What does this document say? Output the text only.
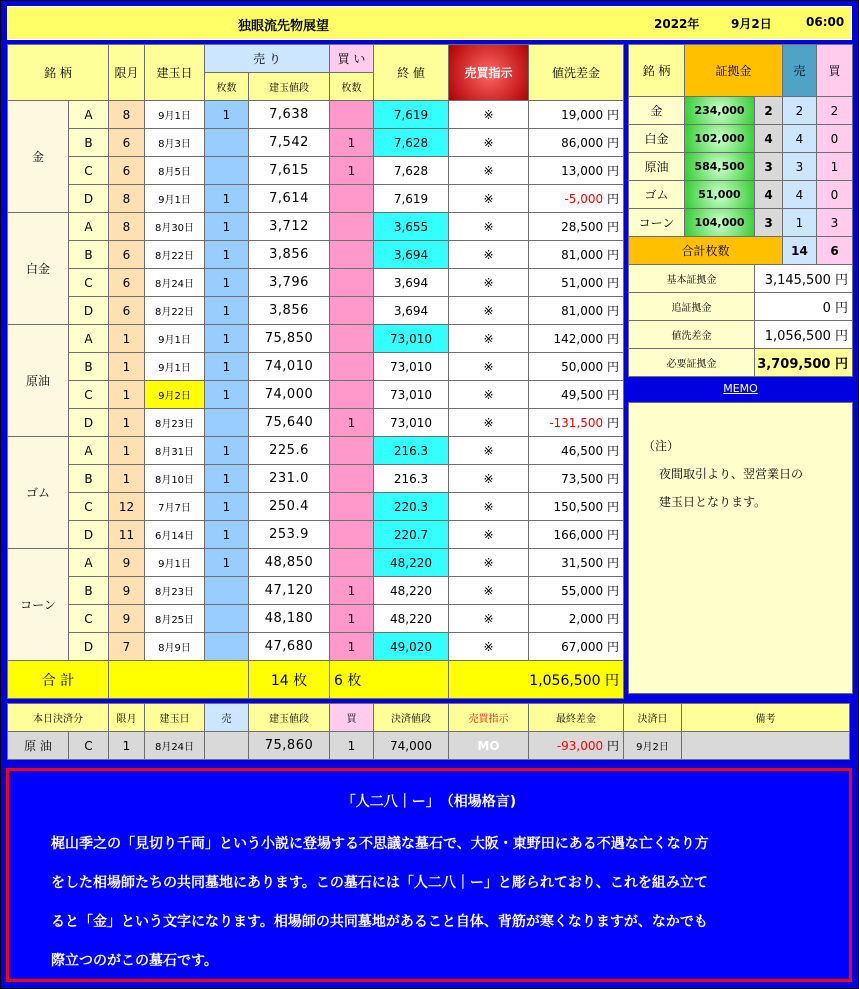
独眼流先物展望	2022年	9月2日	06:00
銘 柄		限月	建玉日	売 り		買 い	終 値	売買指示	値洗差金
				枚数	建玉値段	枚数			
金	A	8	9月1日	1	7,638		7,619	※	19,000 円
	B	6	8月3日		7,542	1	7,628	※	86,000 円
	C	6	8月5日		7,615	1	7,628	※	13,000 円
	D	8	9月1日	1	7,614		7,619	※	-5,000 円
白金	A	8	8月30日	1	3,712		3,655	※	28,500 円
	B	6	8月22日	1	3,856		3,694	※	81,000 円
	C	6	8月24日	1	3,796		3,694	※	51,000 円
	D	6	8月22日	1	3,856		3,694	※	81,000 円
原油	A	1	9月1日	1	75,850		73,010	※	142,000 円
	B	1	9月1日	1	74,010		73,010	※	50,000 円
	C	1	9月2日	1	74,000		73,010	※	49,500 円
	D	1	8月23日		75,640	1	73,010	※	-131,500 円
ゴム	A	1	8月31日	1	225.6		216.3	※	46,500 円
	B	1	8月10日	1	231.0		216.3	※	73,500 円
	C	12	7月7日	1	250.4		220.3	※	150,500 円
	D	11	6月14日	1	253.9		220.7	※	166,000 円
コーン	A	9	9月1日	1	48,850		48,220	※	31,500 円
	B	9	8月23日		47,120	1	48,220	※	55,000 円
	C	9	8月25日		48,180	1	48,220	※	2,000 円
	D	7	8月9日		47,680	1	49,020	※	67,000 円
合 計					14 枚	6 枚		1,056,500 円	
銘 柄	証拠金		売	買
金	234,000	2	2	2
白金	102,000	4	4	0
原油	584,500	3	3	1
ゴム	51,000	4	4	0
コーン	104,000	3	1	3
合計枚数			14	6
基本証拠金		3,145,500 円		
追証拠金		0 円		
値洗差金		1,056,500 円		
必要証拠金		3,709,500 円		
MEMO

（注）

夜間取引より、翌営業日の

建玉日となります。

本日決済分		限月	建玉日	売	建玉値段	買	決済値段	売買指示	最終差金	決済日	備考
原 油	C	1	8月24日		75,860	1	74,000	MO	-93,000 円	9月2日	
「人二八｜ー」　（相場格言)
梶山季之の「見切り千両」という小説に登場する不思議な墓石で、大阪・東野田にある不遇な亡くなり方
をした相場師たちの共同墓地にあります。この墓石には「人二八｜ー」と彫られており、これを組み立て
ると「金」という文字になります。相場師の共同墓地があること自体、背筋が寒くなりますが、なかでも
際立つのがこの墓石です。
